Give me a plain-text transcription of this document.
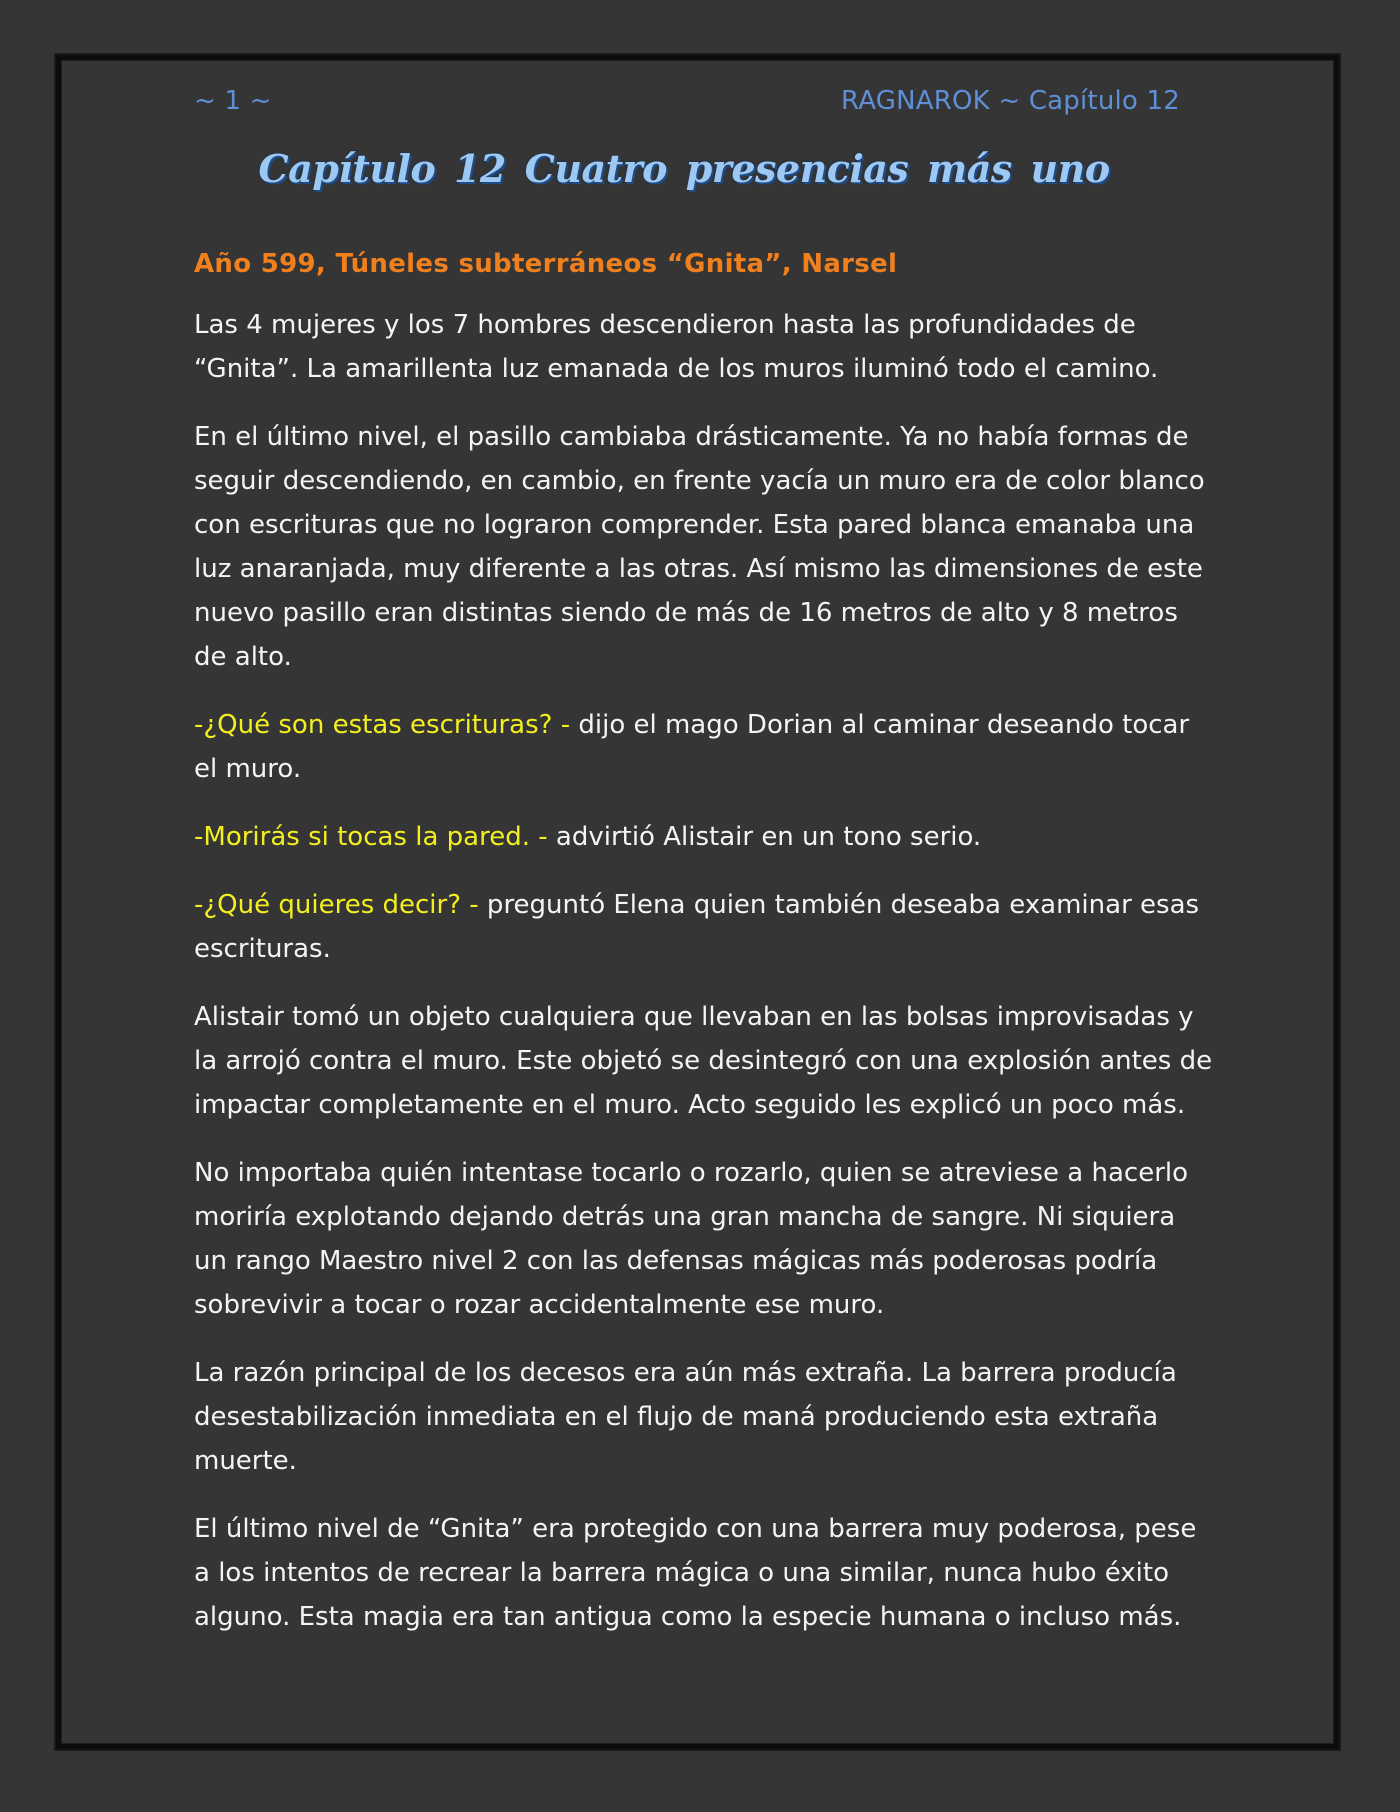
~ 1 ~	RAGNAROK ~ Capítulo 12
Capítulo 12 Cuatro presencias más uno
Año 599, Túneles subterráneos “Gnita”, Narsel

Las 4 mujeres y los 7 hombres descendieron hasta las profundidades de “Gnita”. La amarillenta luz emanada de los muros iluminó todo el camino.

En el último nivel, el pasillo cambiaba drásticamente. Ya no había formas de seguir descendiendo, en cambio, en frente yacía un muro era de color blanco con escrituras que no lograron comprender. Esta pared blanca emanaba una luz anaranjada, muy diferente a las otras. Así mismo las dimensiones de este nuevo pasillo eran distintas siendo de más de 16 metros de alto y 8 metros de alto.

-¿Qué son estas escrituras? - dijo el mago Dorian al caminar deseando tocar el muro.

-Morirás si tocas la pared. - advirtió Alistair en un tono serio.

-¿Qué quieres decir? - preguntó Elena quien también deseaba examinar esas escrituras.

Alistair tomó un objeto cualquiera que llevaban en las bolsas improvisadas y la arrojó contra el muro. Este objetó se desintegró con una explosión antes de impactar completamente en el muro. Acto seguido les explicó un poco más.

No importaba quién intentase tocarlo o rozarlo, quien se atreviese a hacerlo moriría explotando dejando detrás una gran mancha de sangre. Ni siquiera un rango Maestro nivel 2 con las defensas mágicas más poderosas podría sobrevivir a tocar o rozar accidentalmente ese muro.

La razón principal de los decesos era aún más extraña. La barrera producía desestabilización inmediata en el flujo de maná produciendo esta extraña muerte.

El último nivel de “Gnita” era protegido con una barrera muy poderosa, pese a los intentos de recrear la barrera mágica o una similar, nunca hubo éxito alguno. Esta magia era tan antigua como la especie humana o incluso más.
